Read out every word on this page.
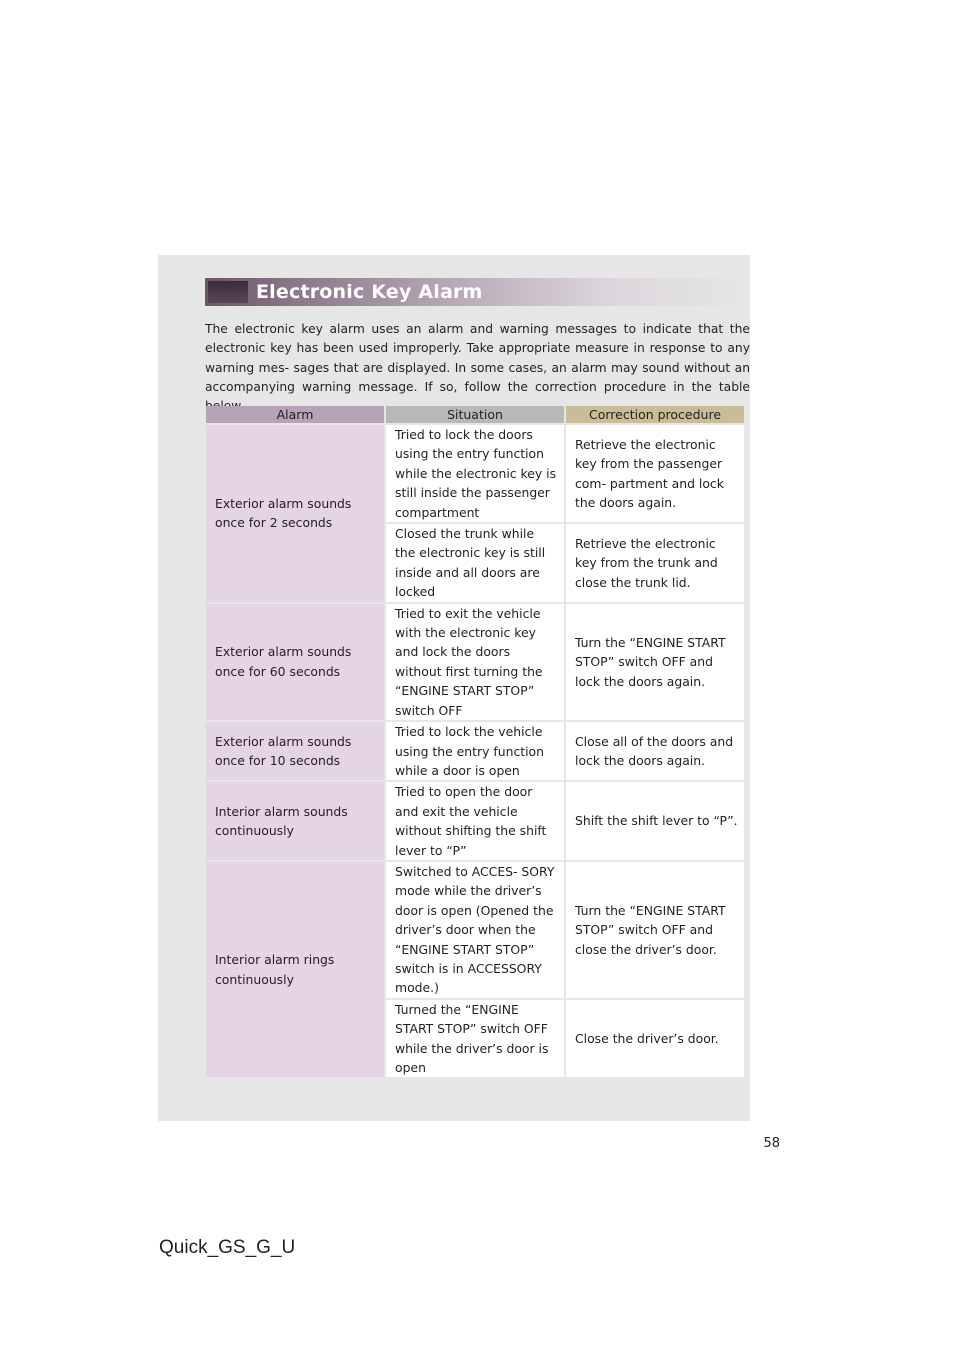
Electronic Key Alarm

The electronic key alarm uses an alarm and warning messages to indicate that the electronic key has been used improperly. Take appropriate measure in response to any warning mes- sages that are displayed. In some cases, an alarm may sound without an accompanying warning message. If so, follow the correction procedure in the table

Alarm	Situation	Correction procedure
Exterior alarm sounds once for 2 seconds	Tried to lock the doors using the entry function while the electronic key is still inside the passenger compartment	Retrieve the electronic key from the passenger com- partment and lock the doors again.
	Closed the trunk while the electronic key is still inside and all doors are locked	Retrieve the electronic key from the trunk and close the trunk lid.
Exterior alarm sounds once for 60 seconds	Tried to exit the vehicle with the electronic key and lock the doors without first turning the “ENGINE START STOP” switch OFF	Turn the “ENGINE START STOP” switch OFF and lock the doors again.
Exterior alarm sounds once for 10 seconds	Tried to lock the vehicle using the entry function while a door is open	Close all of the doors and lock the doors again.
Interior alarm sounds continuously	Tried to open the door and exit the vehicle without shifting the shift lever to “P”	Shift the shift lever to “P”.
Interior alarm rings continuously	Switched to ACCES- SORY mode while the driver’s door is open (Opened the driver’s door when the “ENGINE START STOP” switch is in ACCESSORY mode.)	Turn the “ENGINE START STOP” switch OFF and close the driver’s door.
	Turned the “ENGINE START STOP” switch OFF while the driver’s door is open	Close the driver’s door.
58
Quick_GS_G_U
